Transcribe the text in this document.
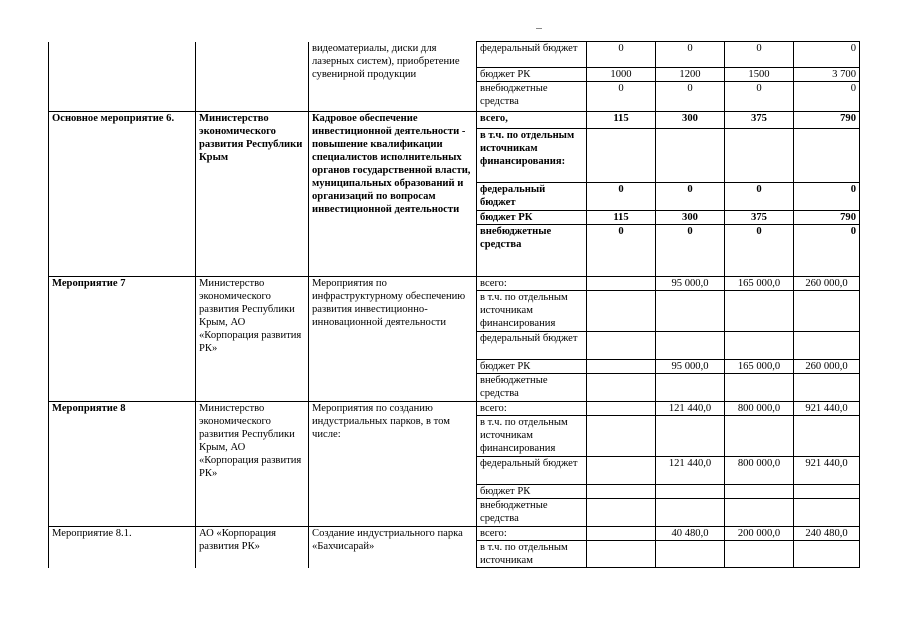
		видеоматериалы, диски для лазерных систем), приобретение сувенирной продукции	федеральный бюджет	0	0	0	0
			бюджет РК	1000	1200	1500	3 700
			внебюджетные средства	0	0	0	0
Основное мероприятие 6.	Министерство экономического развития Республики Крым	Кадровое обеспечение инвестиционной деятельности - повышение квалификации специалистов исполнительных органов государственной власти, муниципальных образований и организаций по вопросам инвестиционной деятельности	всего,	115	300	375	790
			в т.ч. по отдельным источникам финансирования:				
			федеральный бюджет	0	0	0	0
			бюджет РК	115	300	375	790
			внебюджетные средства	0	0	0	0
Мероприятие 7	Министерство экономического развития Республики Крым, АО «Корпорация развития РК»	Мероприятия по инфраструктурному обеспечению развития инвестиционно-инновационной деятельности	всего:		95 000,0	165 000,0	260 000,0
			в т.ч. по отдельным источникам финансирования				
			федеральный бюджет				
			бюджет РК		95 000,0	165 000,0	260 000,0
			внебюджетные средства				
Мероприятие 8	Министерство экономического развития Республики Крым, АО «Корпорация развития РК»	Мероприятия по созданию индустриальных парков, в том числе:	всего:		121 440,0	800 000,0	921 440,0
			в т.ч. по отдельным источникам финансирования				
			федеральный бюджет		121 440,0	800 000,0	921 440,0
			бюджет РК				
			внебюджетные средства				
Мероприятие 8.1.	АО «Корпорация развития РК»	Создание индустриального парка «Бахчисарай»	всего:		40 480,0	200 000,0	240 480,0
			в т.ч. по отдельным источникам				
